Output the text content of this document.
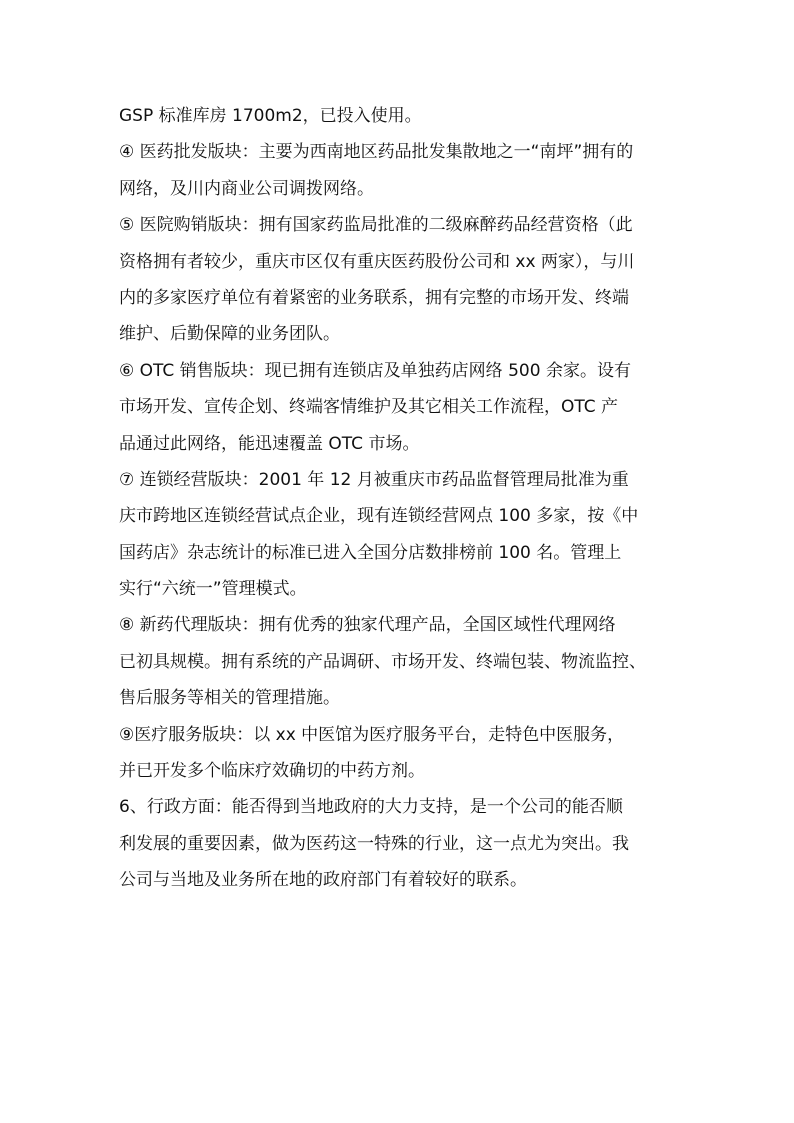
GSP 标准库房 1700m2，已投入使用。
④ 医药批发版块：主要为西南地区药品批发集散地之一“南坪”拥有的
网络，及川内商业公司调拨网络。
⑤ 医院购销版块：拥有国家药监局批准的二级麻醉药品经营资格（此
资格拥有者较少，重庆市区仅有重庆医药股份公司和 xx 两家），与川
内的多家医疗单位有着紧密的业务联系，拥有完整的市场开发、终端
维护、后勤保障的业务团队。
⑥ OTC 销售版块：现已拥有连锁店及单独药店网络 500 余家。设有
市场开发、宣传企划、终端客情维护及其它相关工作流程，OTC 产
品通过此网络，能迅速覆盖 OTC 市场。
⑦ 连锁经营版块：2001 年 12 月被重庆市药品监督管理局批准为重
庆市跨地区连锁经营试点企业，现有连锁经营网点 100 多家，按《中
国药店》杂志统计的标准已进入全国分店数排榜前 100 名。管理上
实行“六统一”管理模式。
⑧ 新药代理版块：拥有优秀的独家代理产品，全国区域性代理网络
已初具规模。拥有系统的产品调研、市场开发、终端包装、物流监控、
售后服务等相关的管理措施。
⑨医疗服务版块：以 xx 中医馆为医疗服务平台，走特色中医服务，
并已开发多个临床疗效确切的中药方剂。
6、行政方面：能否得到当地政府的大力支持，是一个公司的能否顺
利发展的重要因素，做为医药这一特殊的行业，这一点尤为突出。我
公司与当地及业务所在地的政府部门有着较好的联系。
